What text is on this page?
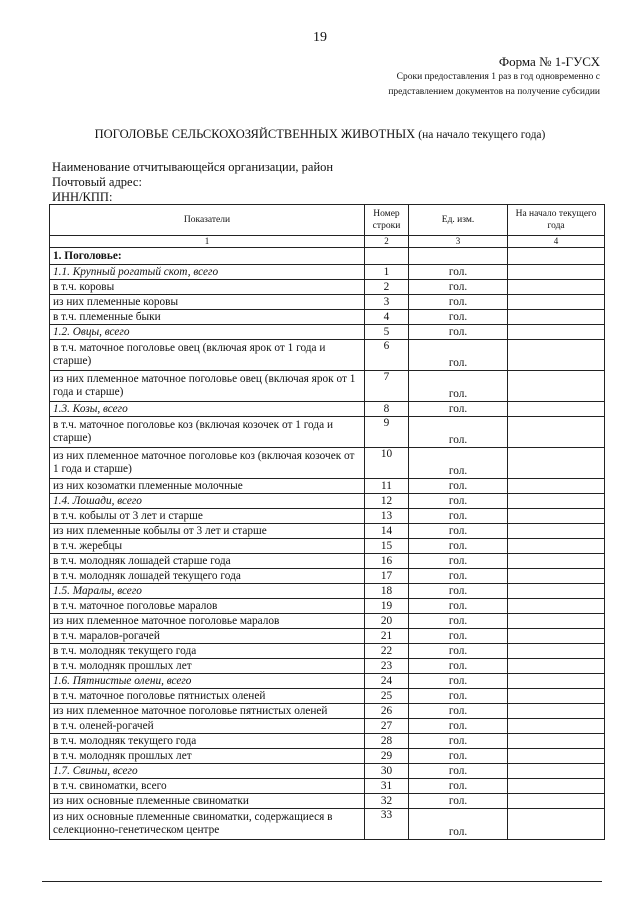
19
Форма № 1-ГУСХ
Сроки предоставления 1 раз в год одновременно с
представлением документов на получение субсидии
ПОГОЛОВЬЕ СЕЛЬСКОХОЗЯЙСТВЕННЫХ ЖИВОТНЫХ (на начало текущего года)
Наименование отчитывающейся организации, район
Почтовый адрес:
ИНН/КПП:
Показатели	Номер строки	Ед. изм.	На начало текущего года
1	2	3	4
1. Поголовье:			
1.1. Крупный рогатый скот, всего	1	гол.	
в т.ч. коровы	2	гол.	
из них племенные коровы	3	гол.	
в т.ч. племенные быки	4	гол.	
1.2. Овцы, всего	5	гол.	
в т.ч. маточное поголовье овец (включая ярок от 1 года и старше)	6	гол.	
из них племенное маточное поголовье овец (включая ярок от 1 года и старше)	7	гол.	
1.3. Козы, всего	8	гол.	
в т.ч. маточное поголовье коз (включая козочек от 1 года и старше)	9	гол.	
из них племенное маточное поголовье коз (включая козочек от 1 года и старше)	10	гол.	
из них козоматки племенные молочные	11	гол.	
1.4. Лошади, всего	12	гол.	
в т.ч. кобылы от 3 лет и старше	13	гол.	
из них племенные кобылы от 3 лет и старше	14	гол.	
в т.ч. жеребцы	15	гол.	
в т.ч. молодняк лошадей старше года	16	гол.	
в т.ч. молодняк лошадей текущего года	17	гол.	
1.5. Маралы, всего	18	гол.	
в т.ч. маточное поголовье маралов	19	гол.	
из них племенное маточное поголовье маралов	20	гол.	
в т.ч. маралов-рогачей	21	гол.	
в т.ч. молодняк текущего года	22	гол.	
в т.ч. молодняк прошлых лет	23	гол.	
1.6. Пятнистые олени, всего	24	гол.	
в т.ч. маточное поголовье пятнистых оленей	25	гол.	
из них племенное маточное поголовье пятнистых оленей	26	гол.	
в т.ч. оленей-рогачей	27	гол.	
в т.ч. молодняк текущего года	28	гол.	
в т.ч. молодняк прошлых лет	29	гол.	
1.7. Свиньи, всего	30	гол.	
в т.ч. свиноматки, всего	31	гол.	
из них основные племенные свиноматки	32	гол.	
из них основные племенные свиноматки, содержащиеся в селекционно-генетическом центре	33	гол.	
